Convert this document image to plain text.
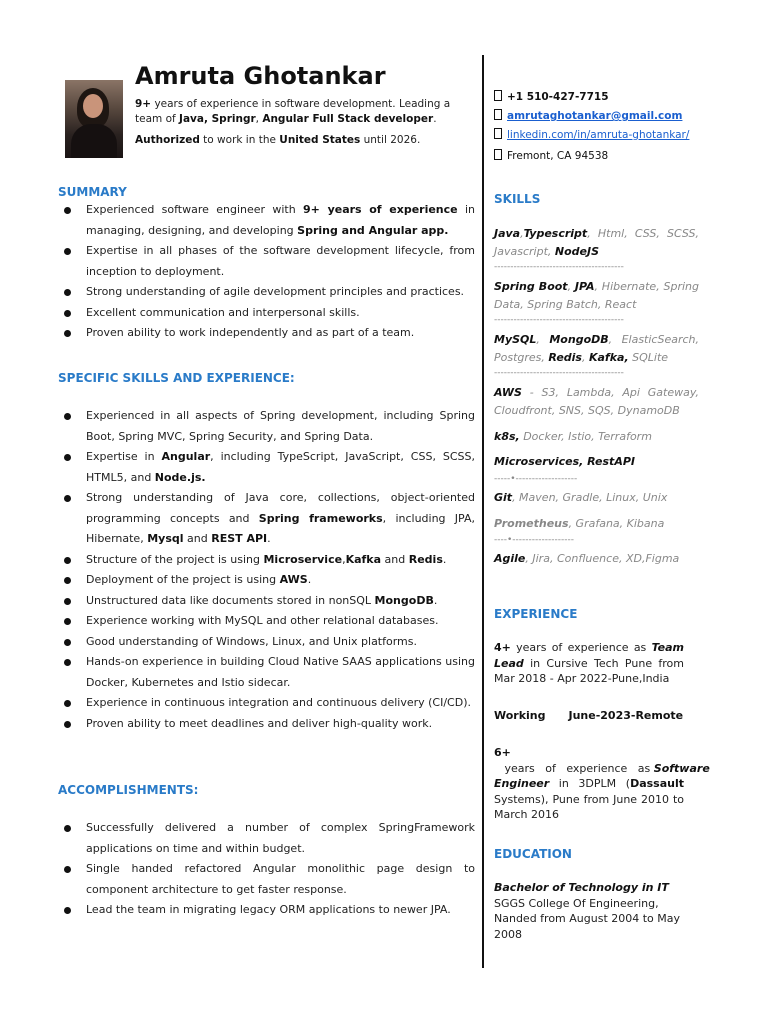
Amruta Ghotankar

9+ years of experience in software development. Leading a team of Java, Springr, Angular Full Stack developer.

Authorized to work in the United States until 2026.

SUMMARY
Experienced software engineer with 9+ years of experience in managing, designing, and developing Spring and Angular app.
Expertise in all phases of the software development lifecycle, from inception to deployment.
Strong understanding of agile development principles and practices.
Excellent communication and interpersonal skills.
Proven ability to work independently and as part of a team.
SPECIFIC SKILLS AND EXPERIENCE:
Experienced in all aspects of Spring development, including Spring Boot, Spring MVC, Spring Security, and Spring Data.
Expertise in Angular, including TypeScript, JavaScript, CSS, SCSS, HTML5, and Node.js.
Strong understanding of Java core, collections, object-oriented programming concepts and Spring frameworks, including JPA, Hibernate, Mysql and REST API.
Structure of the project is using Microservice,Kafka and Redis.
Deployment of the project is using AWS.
Unstructured data like documents stored in nonSQL MongoDB.
Experience working with MySQL and other relational databases.
Good understanding of Windows, Linux, and Unix platforms.
Hands-on experience in building Cloud Native SAAS applications using Docker, Kubernetes and Istio sidecar.
Experience in continuous integration and continuous delivery (CI/CD).
Proven ability to meet deadlines and deliver high-quality work.
ACCOMPLISHMENTS:
Successfully delivered a number of complex SpringFramework applications on time and within budget.
Single handed refactored Angular monolithic page design to component architecture to get faster response.
Lead the team in migrating legacy ORM applications to newer JPA.
+1 510-427-7715
amrutaghotankar@gmail.com
linkedin.com/in/amruta-ghotankar/
Fremont, CA 94538
SKILLS
Java,Typescript, Html, CSS, SCSS, Javascript, NodeJS
----------------------------------------
Spring Boot, JPA, Hibernate, Spring Data, Spring Batch, React
----------------------------------------
MySQL, MongoDB, ElasticSearch, Postgres, Redis, Kafka, SQLite
----------------------------------------
AWS - S3, Lambda, Api Gateway, Cloudfront, SNS, SQS, DynamoDB
k8s, Docker, Istio, Terraform
Microservices, RestAPI
-----•-------------------
Git, Maven, Gradle, Linux, Unix
Prometheus, Grafana, Kibana
----•-------------------
Agile, Jira, Confluence, XD,Figma
EXPERIENCE
4+ years of experience as Team Lead in Cursive Tech Pune from Mar 2018 - Apr 2022-Pune,India
Working      June-2023-Remote
6+   years   of   experience   as Software Engineer in 3DPLM (Dassault Systems), Pune from June 2010 to March 2016
EDUCATION
Bachelor of Technology in IT
SGGS College Of Engineering, Nanded from August 2004 to May 2008
